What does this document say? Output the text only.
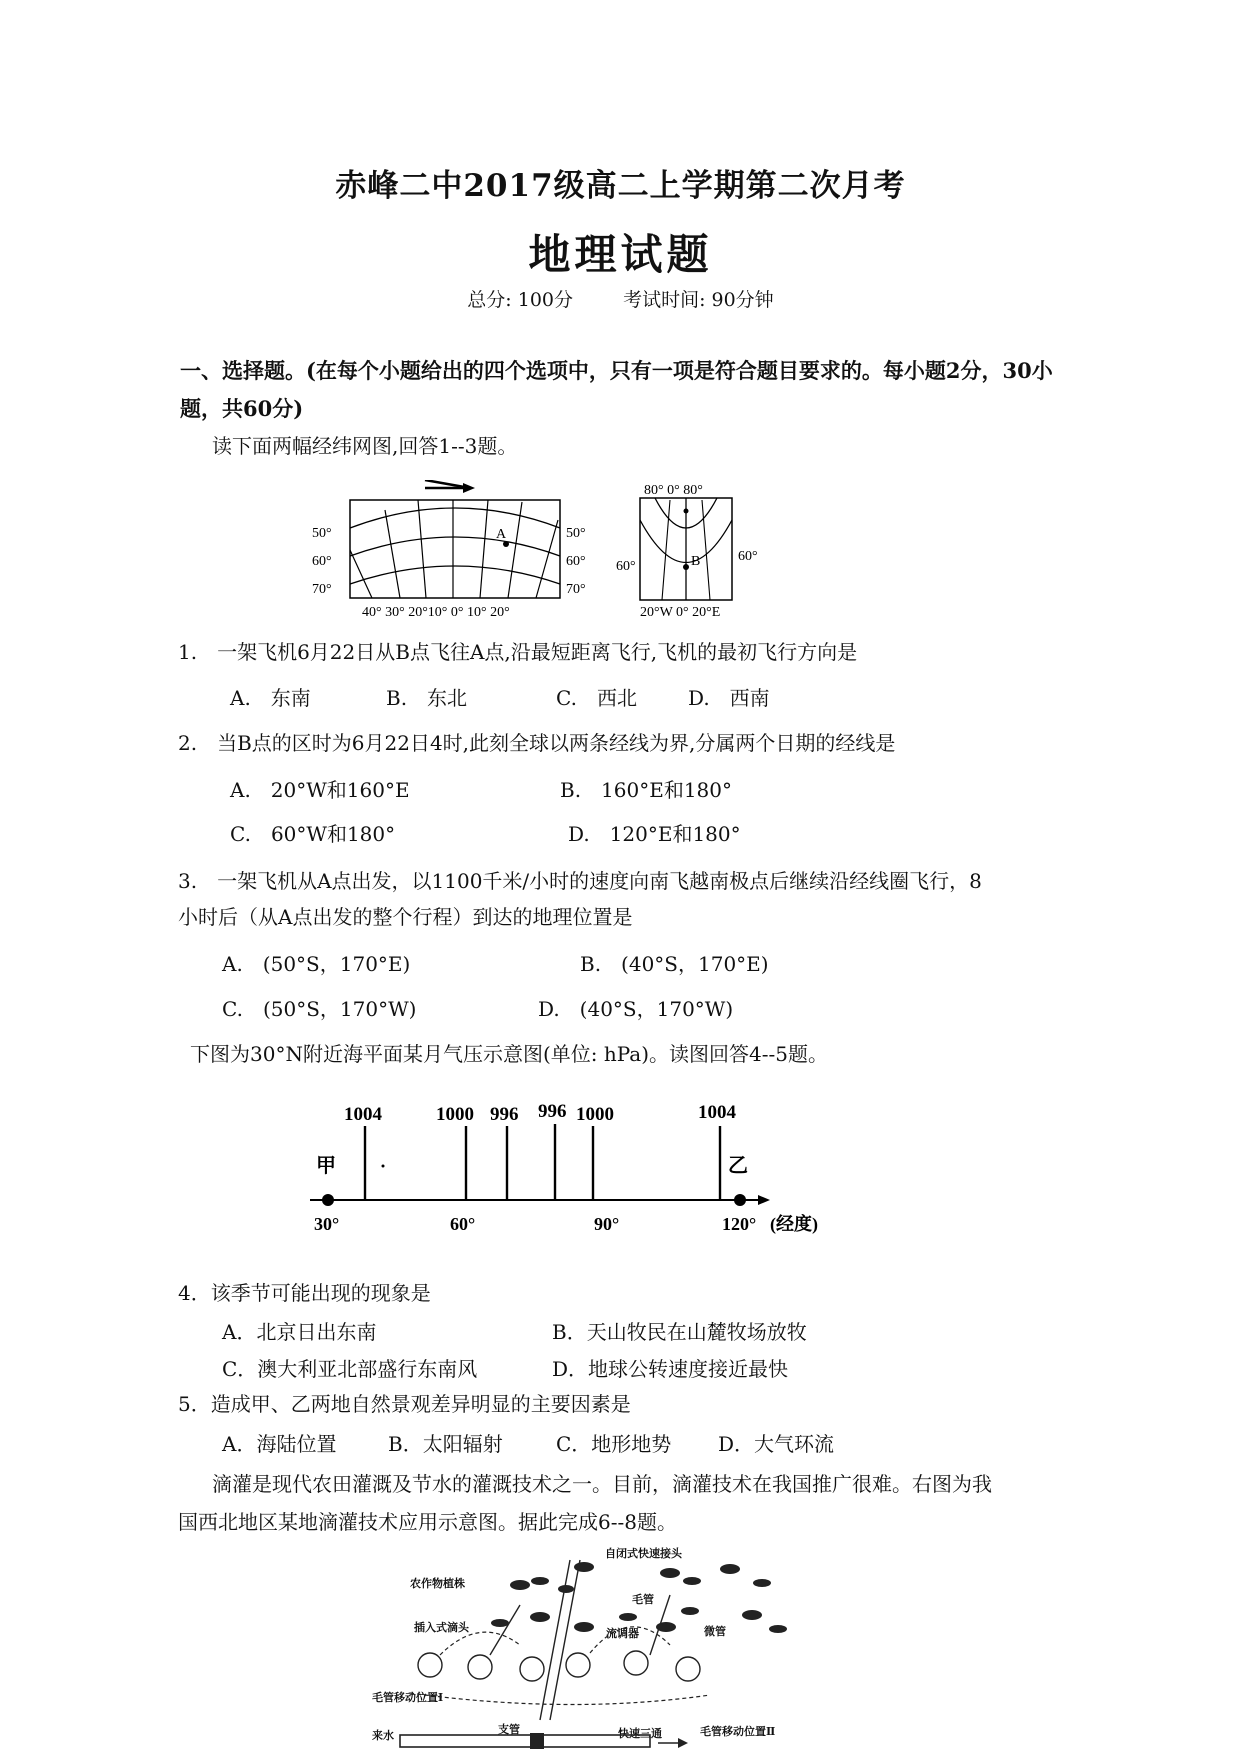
赤峰二中2017级高二上学期第二次月考
地理试题
总分: 100分	考试时间: 90分钟
一、选择题。(在每个小题给出的四个选项中，只有一项是符合题目要求的。每小题2分，30小题，共60分)
读下面两幅经纬网图,回答1--3题。
50°
60°
70°
50°
60°
70°
40° 30° 20°10° 0° 10° 20°
A
80° 0° 80°
60°
60°
B
20°W 0° 20°E
1.　一架飞机6月22日从B点飞往A点,沿最短距离飞行,飞机的最初飞行方向是
A.　东南	B.　东北	C.　西北	D.　西南
2.　当B点的区时为6月22日4时,此刻全球以两条经线为界,分属两个日期的经线是
A.　20°W和160°E	B.　160°E和180°
C.　60°W和180°	D.　120°E和180°
3.　一架飞机从A点出发，以1100千米/小时的速度向南飞越南极点后继续沿经线圈飞行，8
小时后（从A点出发的整个行程）到达的地理位置是
A.　(50°S，170°E)	B.　(40°S，170°E)
C.　(50°S，170°W)	D.　(40°S，170°W)
下图为30°N附近海平面某月气压示意图(单位: hPa)。读图回答4--5题。
1004	1000 996 996 1000	1004
甲	乙
30°	60°	90°	120° (经度)
4．该季节可能出现的现象是
A．北京日出东南	B．天山牧民在山麓牧场放牧
C．澳大利亚北部盛行东南风	D．地球公转速度接近最快
5．造成甲、乙两地自然景观差异明显的主要因素是
A．海陆位置	B．太阳辐射	C．地形地势 D．大气环流
滴灌是现代农田灌溉及节水的灌溉技术之一。目前，滴灌技术在我国推广很难。右图为我
国西北地区某地滴灌技术应用示意图。据此完成6--8题。
自闭式快速接头
农作物植株
毛管
插入式滴头	流调器	微管
毛管移动位置Ⅰ
支管	快速三通	毛管移动位置Ⅱ
来水
